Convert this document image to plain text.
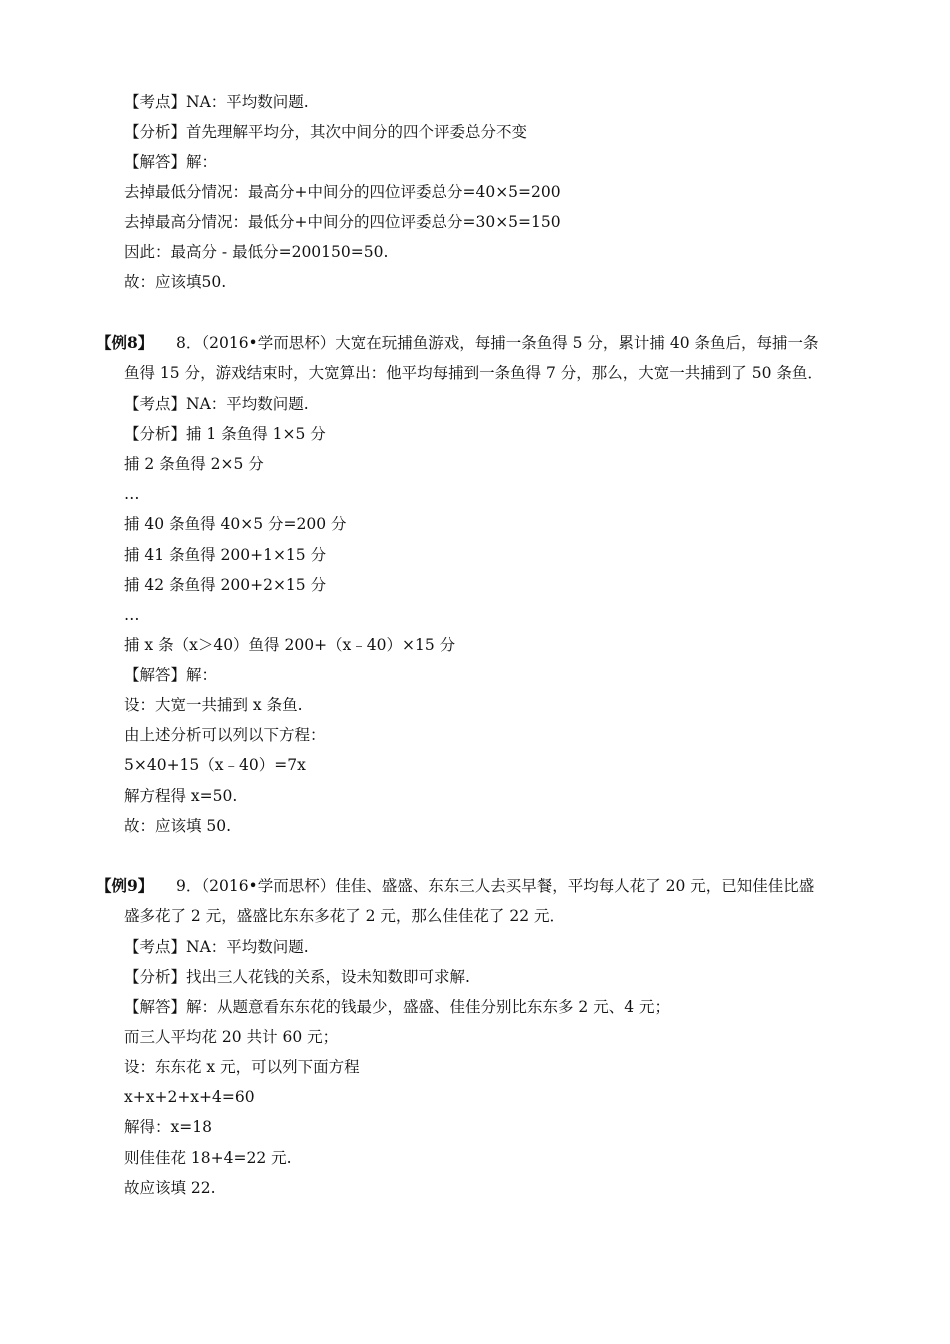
【考点】NA：平均数问题.
【分析】首先理解平均分，其次中间分的四个评委总分不变
【解答】解：
去掉最低分情况：最高分+中间分的四位评委总分=40×5=200
去掉最高分情况：最低分+中间分的四位评委总分=30×5=150
因此：最高分 - 最低分=200150=50.
故：应该填50.
【例8】 8．（2016•学而思杯）大宽在玩捕鱼游戏，每捕一条鱼得 5 分，累计捕 40 条鱼后，每捕一条
鱼得 15 分，游戏结束时，大宽算出：他平均每捕到一条鱼得 7 分，那么，大宽一共捕到了 50 条鱼．
【考点】NA：平均数问题.
【分析】捕 1 条鱼得 1×5 分
捕 2 条鱼得 2×5 分
…
捕 40 条鱼得 40×5 分=200 分
捕 41 条鱼得 200+1×15 分
捕 42 条鱼得 200+2×15 分
…
捕 x 条（x＞40）鱼得 200+（x﹣40）×15 分
【解答】解：
设：大宽一共捕到 x 条鱼.
由上述分析可以列以下方程：
5×40+15（x﹣40）=7x
解方程得 x=50.
故：应该填 50.
【例9】 9．（2016•学而思杯）佳佳、盛盛、东东三人去买早餐，平均每人花了 20 元，已知佳佳比盛
盛多花了 2 元，盛盛比东东多花了 2 元，那么佳佳花了 22 元．
【考点】NA：平均数问题.
【分析】找出三人花钱的关系，设未知数即可求解.
【解答】解：从题意看东东花的钱最少，盛盛、佳佳分别比东东多 2 元、4 元；
而三人平均花 20 共计 60 元；
设：东东花 x 元，可以列下面方程
x+x+2+x+4=60
解得：x=18
则佳佳花 18+4=22 元.
故应该填 22.
